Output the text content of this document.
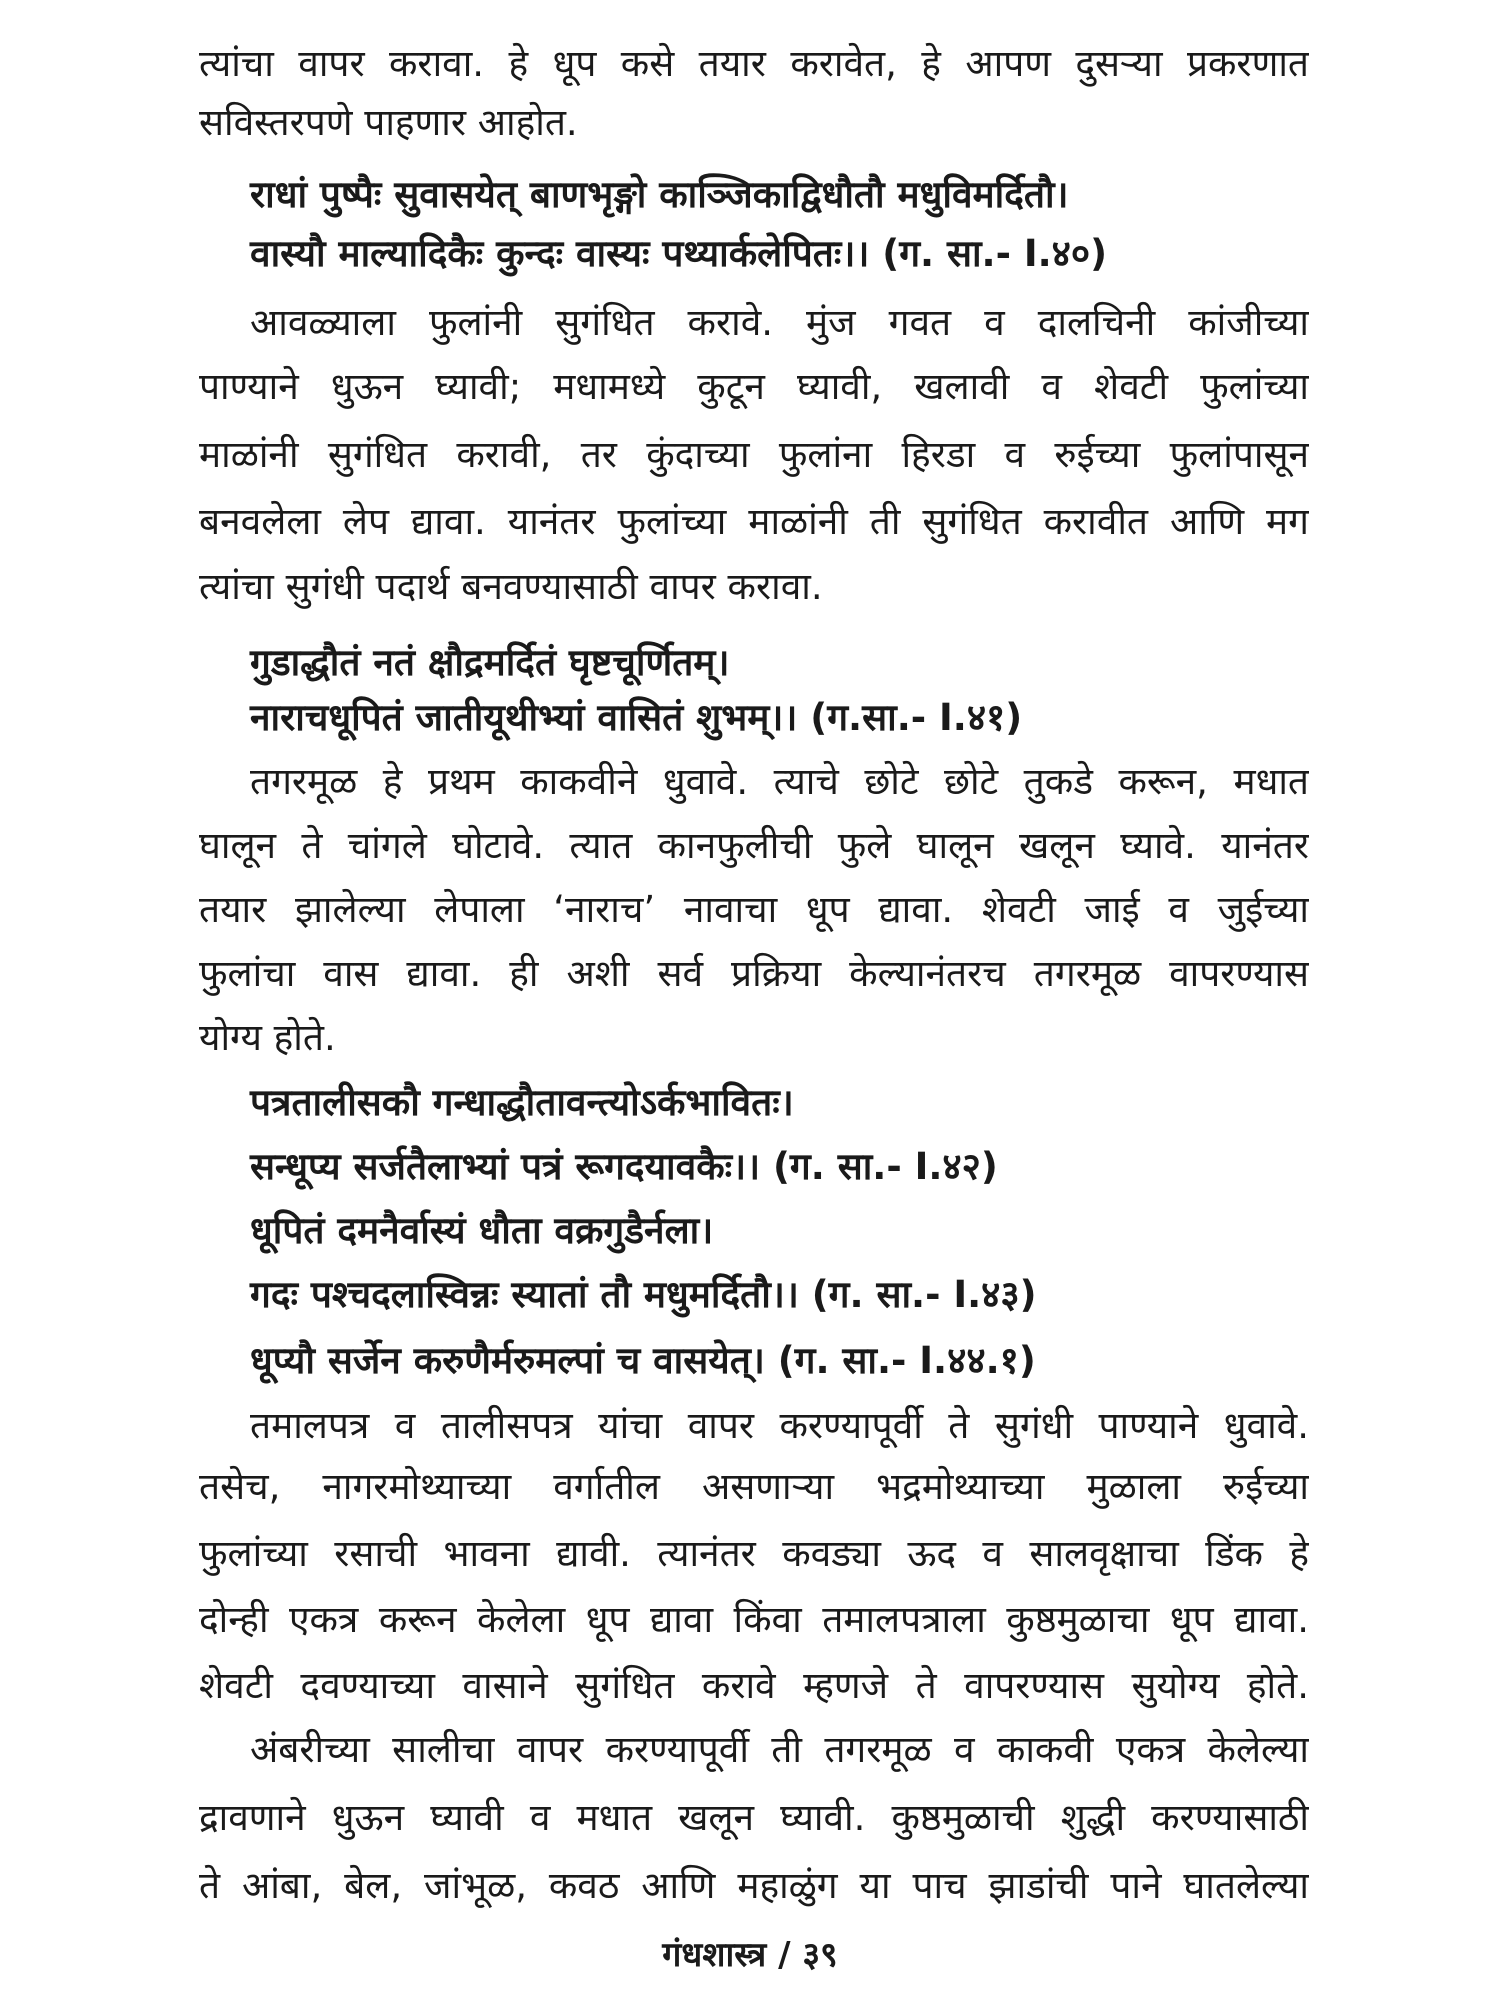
त्यांचा वापर करावा. हे धूप कसे तयार करावेत, हे आपण दुसऱ्या प्रकरणात
सविस्तरपणे पाहणार आहोत.
राधां पुष्पैः सुवासयेत् बाणभृङ्गो काञ्जिकाद्विधौतौ मधुविमर्दितौ।
वास्यौ माल्यादिकैः कुन्दः वास्यः पथ्यार्कलेपितः।। (ग. सा.- I.४०)
आवळ्याला फुलांनी सुगंधित करावे. मुंज गवत व दालचिनी कांजीच्या
पाण्याने धुऊन घ्यावी; मधामध्ये कुटून घ्यावी, खलावी व शेवटी फुलांच्या
माळांनी सुगंधित करावी, तर कुंदाच्या फुलांना हिरडा व रुईच्या फुलांपासून
बनवलेला लेप द्यावा. यानंतर फुलांच्या माळांनी ती सुगंधित करावीत आणि मग
त्यांचा सुगंधी पदार्थ बनवण्यासाठी वापर करावा.
गुडाद्धौतं नतं क्षौद्रमर्दितं घृष्टचूर्णितम्।
नाराचधूपितं जातीयूथीभ्यां वासितं शुभम्।। (ग.सा.- I.४१)
तगरमूळ हे प्रथम काकवीने धुवावे. त्याचे छोटे छोटे तुकडे करून, मधात
घालून ते चांगले घोटावे. त्यात कानफुलीची फुले घालून खलून घ्यावे. यानंतर
तयार झालेल्या लेपाला ‘नाराच’ नावाचा धूप द्यावा. शेवटी जाई व जुईच्या
फुलांचा वास द्यावा. ही अशी सर्व प्रक्रिया केल्यानंतरच तगरमूळ वापरण्यास
योग्य होते.
पत्रतालीसकौ गन्धाद्धौतावन्त्योऽर्कभावितः।
सन्धूप्य सर्जतैलाभ्यां पत्रं रूगदयावकैः।। (ग. सा.- I.४२)
धूपितं दमनैर्वास्यं धौता वक्रगुडैर्नला।
गदः पश्चदलास्विन्नः स्यातां तौ मधुमर्दितौ।। (ग. सा.- I.४३)
धूप्यौ सर्जेन करुणैर्मरुमल्पां च वासयेत्। (ग. सा.- I.४४.१)
तमालपत्र व तालीसपत्र यांचा वापर करण्यापूर्वी ते सुगंधी पाण्याने धुवावे.
तसेच, नागरमोथ्याच्या वर्गातील असणाऱ्या भद्रमोथ्याच्या मुळाला रुईच्या
फुलांच्या रसाची भावना द्यावी. त्यानंतर कवड्या ऊद व सालवृक्षाचा डिंक हे
दोन्ही एकत्र करून केलेला धूप द्यावा किंवा तमालपत्राला कुष्ठमुळाचा धूप द्यावा.
शेवटी दवण्याच्या वासाने सुगंधित करावे म्हणजे ते वापरण्यास सुयोग्य होते.
अंबरीच्या सालीचा वापर करण्यापूर्वी ती तगरमूळ व काकवी एकत्र केलेल्या
द्रावणाने धुऊन घ्यावी व मधात खलून घ्यावी. कुष्ठमुळाची शुद्धी करण्यासाठी
ते आंबा, बेल, जांभूळ, कवठ आणि महाळुंग या पाच झाडांची पाने घातलेल्या
गंधशास्त्र / ३९
